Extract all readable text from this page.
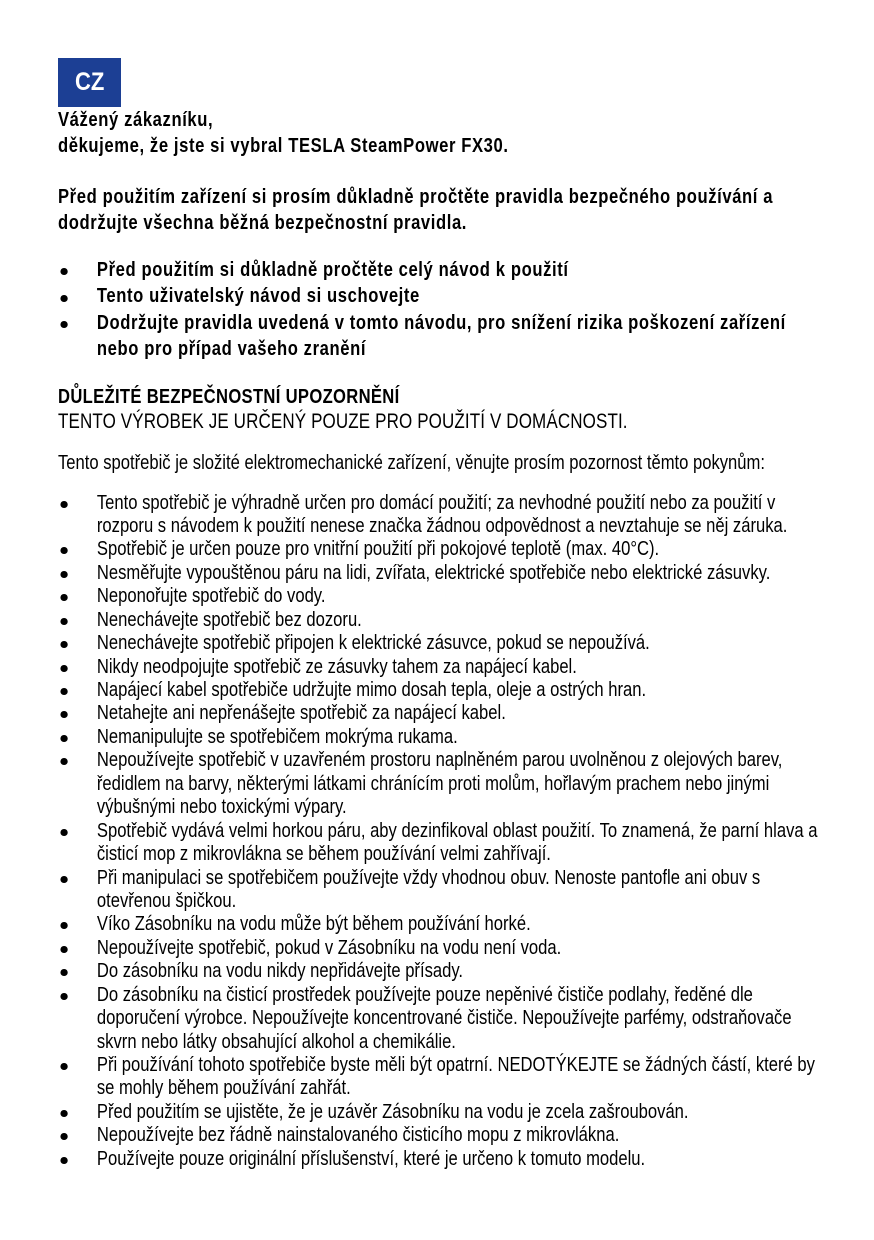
CZ
Vážený zákazníku,
děkujeme, že jste si vybral TESLA SteamPower FX30.
Před použitím zařízení si prosím důkladně pročtěte pravidla bezpečného používání a
dodržujte všechna běžná bezpečnostní pravidla.
Před použitím si důkladně pročtěte celý návod k použití
Tento uživatelský návod si uschovejte
Dodržujte pravidla uvedená v tomto návodu, pro snížení rizika poškození zařízení
nebo pro případ vašeho zranění
DŮLEŽITÉ BEZPEČNOSTNÍ UPOZORNĚNÍ
TENTO VÝROBEK JE URČENÝ POUZE PRO POUŽITÍ V DOMÁCNOSTI.
Tento spotřebič je složité elektromechanické zařízení, věnujte prosím pozornost těmto pokynům:
Tento spotřebič je výhradně určen pro domácí použití; za nevhodné použití nebo za použití v
rozporu s návodem k použití nenese značka žádnou odpovědnost a nevztahuje se něj záruka.
Spotřebič je určen pouze pro vnitřní použití při pokojové teplotě (max. 40°C).
Nesměřujte vypouštěnou páru na lidi, zvířata, elektrické spotřebiče nebo elektrické zásuvky.
Neponořujte spotřebič do vody.
Nenechávejte spotřebič bez dozoru.
Nenechávejte spotřebič připojen k elektrické zásuvce, pokud se nepoužívá.
Nikdy neodpojujte spotřebič ze zásuvky tahem za napájecí kabel.
Napájecí kabel spotřebiče udržujte mimo dosah tepla, oleje a ostrých hran.
Netahejte ani nepřenášejte spotřebič za napájecí kabel.
Nemanipulujte se spotřebičem mokrýma rukama.
Nepoužívejte spotřebič v uzavřeném prostoru naplněném parou uvolněnou z olejových barev,
ředidlem na barvy, některými látkami chránícím proti molům, hořlavým prachem nebo jinými
výbušnými nebo toxickými výpary.
Spotřebič vydává velmi horkou páru, aby dezinfikoval oblast použití. To znamená, že parní hlava a
čisticí mop z mikrovlákna se během používání velmi zahřívají.
Při manipulaci se spotřebičem používejte vždy vhodnou obuv. Nenoste pantofle ani obuv s
otevřenou špičkou.
Víko Zásobníku na vodu může být během používání horké.
Nepoužívejte spotřebič, pokud v Zásobníku na vodu není voda.
Do zásobníku na vodu nikdy nepřidávejte přísady.
Do zásobníku na čisticí prostředek používejte pouze nepěnivé čističe podlahy, ředěné dle
doporučení výrobce. Nepoužívejte koncentrované čističe. Nepoužívejte parfémy, odstraňovače
skvrn nebo látky obsahující alkohol a chemikálie.
Při používání tohoto spotřebiče byste měli být opatrní. NEDOTÝKEJTE se žádných částí, které by
se mohly během používání zahřát.
Před použitím se ujistěte, že je uzávěr Zásobníku na vodu je zcela zašroubován.
Nepoužívejte bez řádně nainstalovaného čisticího mopu z mikrovlákna.
Používejte pouze originální příslušenství, které je určeno k tomuto modelu.
